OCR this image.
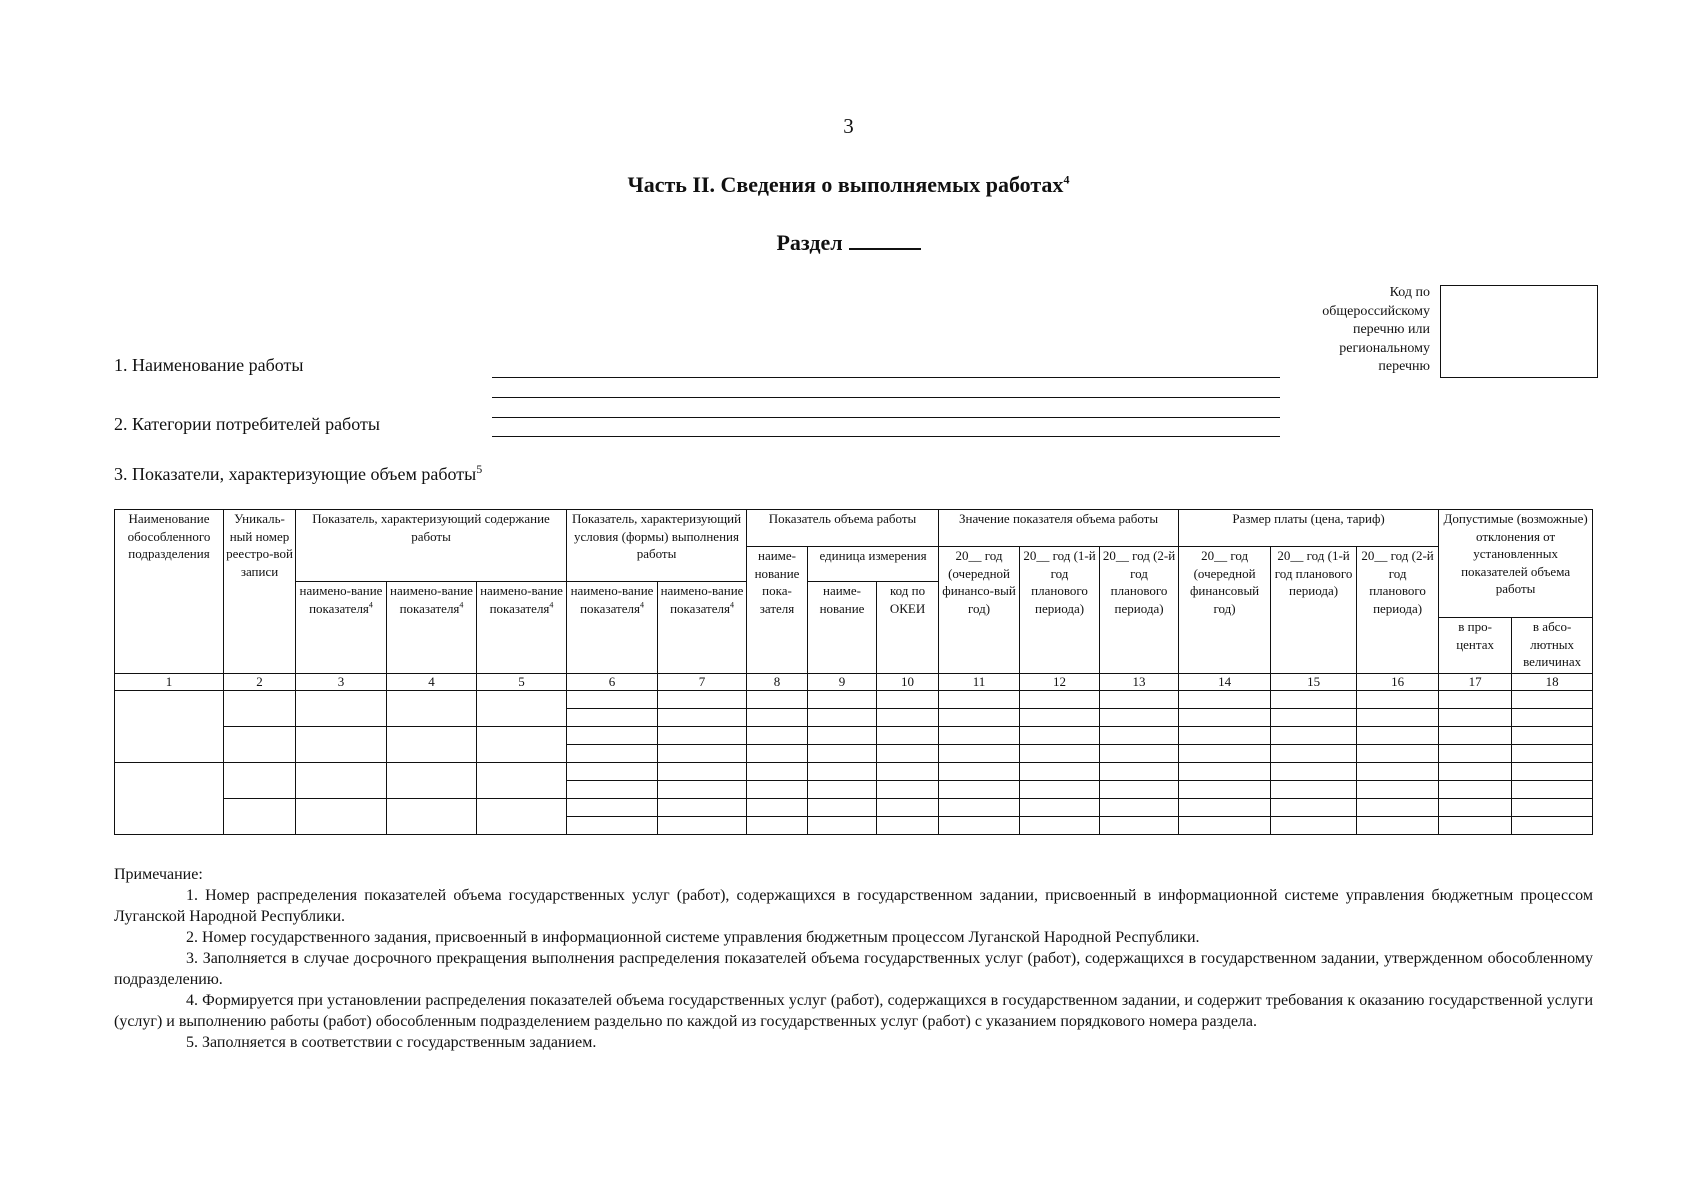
3
Часть II. Сведения о выполняемых работах$^4$
Раздел
1. Наименование работы
2. Категории потребителей работы
3. Показатели, характеризующие объем работы$^5$
Код по
общероссийскому
перечню или
региональному
перечню
Наименование обособленного подразделения	Уникаль-ный номер реестро-вой записи	Показатель, характеризующий содержание работы			Показатель, характеризующий условия (формы) выполнения работы		Показатель объема работы			Значение показателя объема работы			Размер платы (цена, тариф)			Допустимые (возможные) отклонения от установленных показателей объема работы	
							наиме-нование пока-зателя	единица измерения		20__ год (очередной финансо-вый год)	20__ год (1-й год планового периода)	20__ год (2-й год планового периода)	20__ год (очередной финансовый год)	20__ год (1-й год планового периода)	20__ год (2-й год планового периода)		
		наимено-вание показателя$^4$	наимено-вание показателя$^4$	наимено-вание показателя$^4$	наимено-вание показателя$^4$	наимено-вание показателя$^4$		наиме-нование	код по ОКЕИ								
																в про-центах	в абсо-лютных величинах
1	2	3	4	5	6	7	8	9	10	11	12	13	14	15	16	17	18

Примечание:

1. Номер распределения показателей объема государственных услуг (работ), содержащихся в государственном задании, присвоенный в информационной системе управления бюджетным процессом Луганской Народной Республики.

2. Номер государственного задания, присвоенный в информационной системе управления бюджетным процессом Луганской Народной Республики.

3. Заполняется в случае досрочного прекращения выполнения распределения показателей объема государственных услуг (работ), содержащихся в государственном задании, утвержденном обособленному подразделению.

4. Формируется при установлении распределения показателей объема государственных услуг (работ), содержащихся в государственном задании, и содержит требования к оказанию государственной услуги (услуг) и выполнению работы (работ) обособленным подразделением раздельно по каждой из государственных услуг (работ) с указанием порядкового номера раздела.

5. Заполняется в соответствии с государственным заданием.
